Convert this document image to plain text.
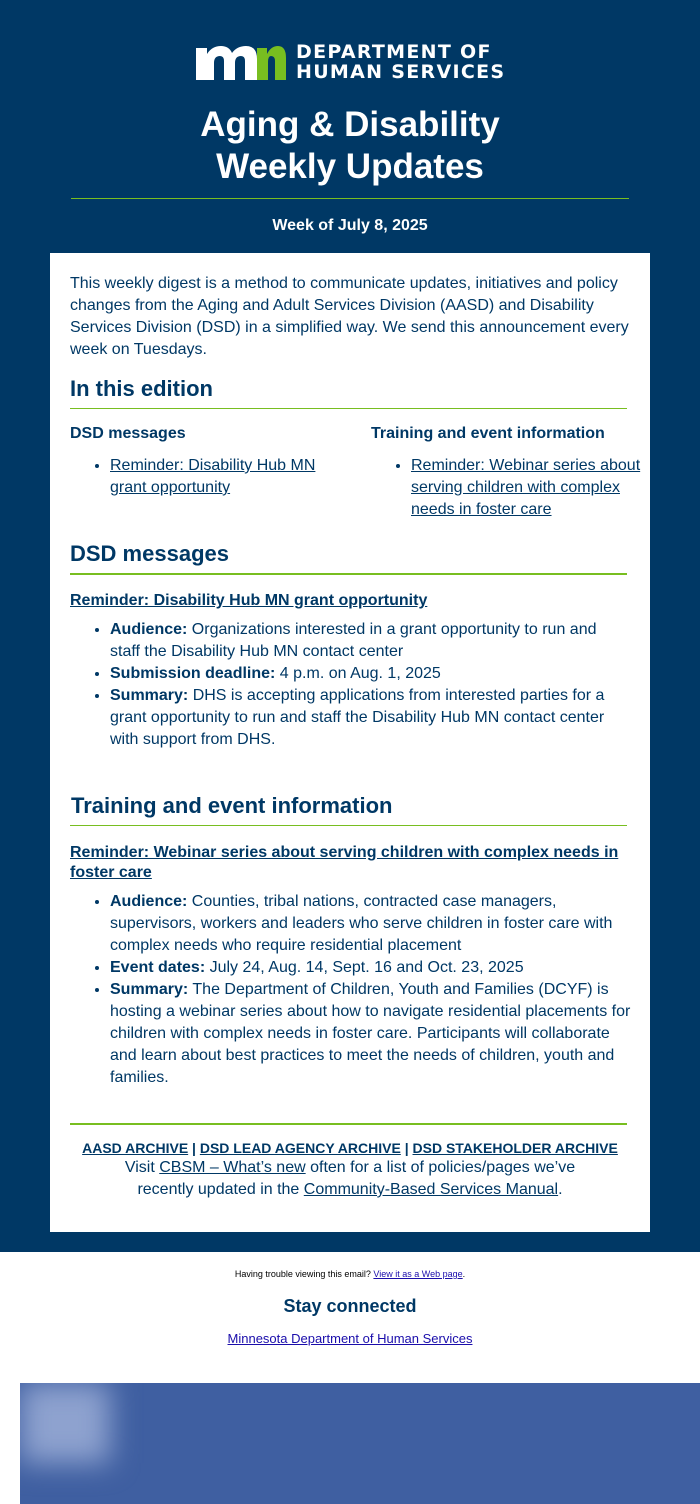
DEPARTMENT OF
HUMAN SERVICES
Aging & Disability
Weekly Updates
Week of July 8, 2025
This weekly digest is a method to communicate updates, initiatives and policy changes from the Aging and Adult Services Division (AASD) and Disability Services Division (DSD) in a simplified way. We send this announcement every week on Tuesdays.
In this edition
DSD messages
• Reminder: Disability Hub MN grant opportunity
Training and event information
• Reminder: Webinar series about serving children with complex needs in foster care
DSD messages
Reminder: Disability Hub MN grant opportunity
• Audience: Organizations interested in a grant opportunity to run and staff the Disability Hub MN contact center
• Submission deadline: 4 p.m. on Aug. 1, 2025
• Summary: DHS is accepting applications from interested parties for a grant opportunity to run and staff the Disability Hub MN contact center with support from DHS.
Training and event information
Reminder: Webinar series about serving children with complex needs in foster care
• Audience: Counties, tribal nations, contracted case managers, supervisors, workers and leaders who serve children in foster care with complex needs who require residential placement
• Event dates: July 24, Aug. 14, Sept. 16 and Oct. 23, 2025
• Summary: The Department of Children, Youth and Families (DCYF) is hosting a webinar series about how to navigate residential placements for children with complex needs in foster care. Participants will collaborate and learn about best practices to meet the needs of children, youth and families.
AASD ARCHIVE | DSD LEAD AGENCY ARCHIVE | DSD STAKEHOLDER ARCHIVE
Visit CBSM – What’s new often for a list of policies/pages we’ve recently updated in the Community-Based Services Manual.
Having trouble viewing this email? View it as a Web page.
Stay connected
Minnesota Department of Human Services
